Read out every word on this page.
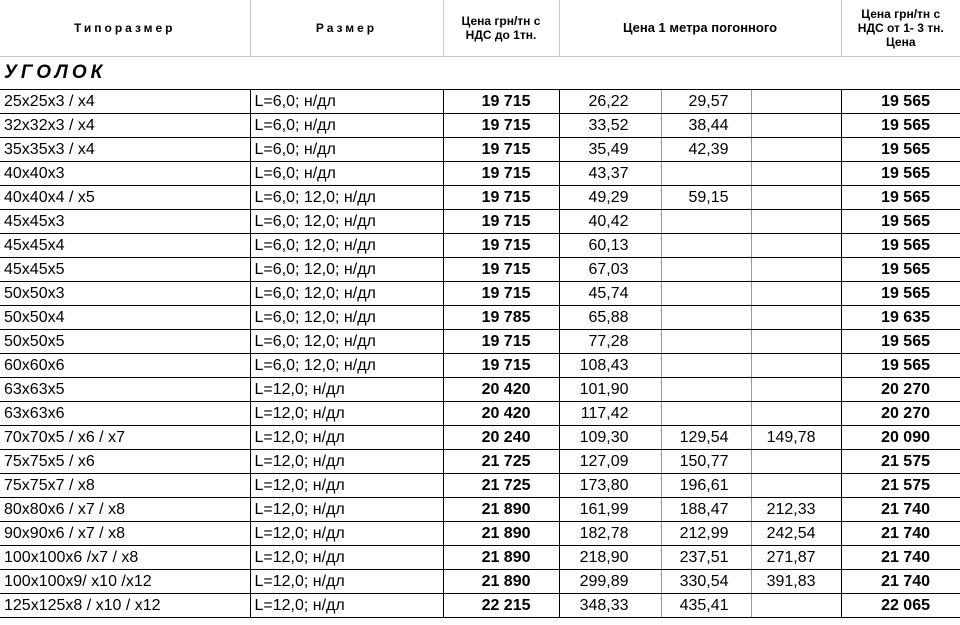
Типоразмер	Размер	Цена грн/тн с НДС до 1тн.	Цена 1 метра погонного			Цена грн/тн с НДС от 1- 3 тн. Цена
УГОЛОК						
25х25х3 / х4	L=6,0; н/дл	19 715	26,22	29,57		19 565
32х32х3 / х4	L=6,0; н/дл	19 715	33,52	38,44		19 565
35х35х3 / х4	L=6,0; н/дл	19 715	35,49	42,39		19 565
40х40х3	L=6,0; н/дл	19 715	43,37			19 565
40х40х4 / х5	L=6,0; 12,0; н/дл	19 715	49,29	59,15		19 565
45х45х3	L=6,0; 12,0; н/дл	19 715	40,42			19 565
45х45х4	L=6,0; 12,0; н/дл	19 715	60,13			19 565
45х45х5	L=6,0; 12,0; н/дл	19 715	67,03			19 565
50х50х3	L=6,0; 12,0; н/дл	19 715	45,74			19 565
50х50х4	L=6,0; 12,0; н/дл	19 785	65,88			19 635
50х50х5	L=6,0; 12,0; н/дл	19 715	77,28			19 565
60х60х6	L=6,0; 12,0; н/дл	19 715	108,43			19 565
63х63х5	L=12,0; н/дл	20 420	101,90			20 270
63х63х6	L=12,0; н/дл	20 420	117,42			20 270
70х70х5 / х6 / х7	L=12,0; н/дл	20 240	109,30	129,54	149,78	20 090
75х75х5 / х6	L=12,0; н/дл	21 725	127,09	150,77		21 575
75х75х7 / х8	L=12,0; н/дл	21 725	173,80	196,61		21 575
80х80х6 / х7 / х8	L=12,0; н/дл	21 890	161,99	188,47	212,33	21 740
90х90х6 / х7 / х8	L=12,0; н/дл	21 890	182,78	212,99	242,54	21 740
100х100х6 /х7 / х8	L=12,0; н/дл	21 890	218,90	237,51	271,87	21 740
100х100х9/ х10 /х12	L=12,0; н/дл	21 890	299,89	330,54	391,83	21 740
125х125х8 / х10 / х12	L=12,0; н/дл	22 215	348,33	435,41		22 065
